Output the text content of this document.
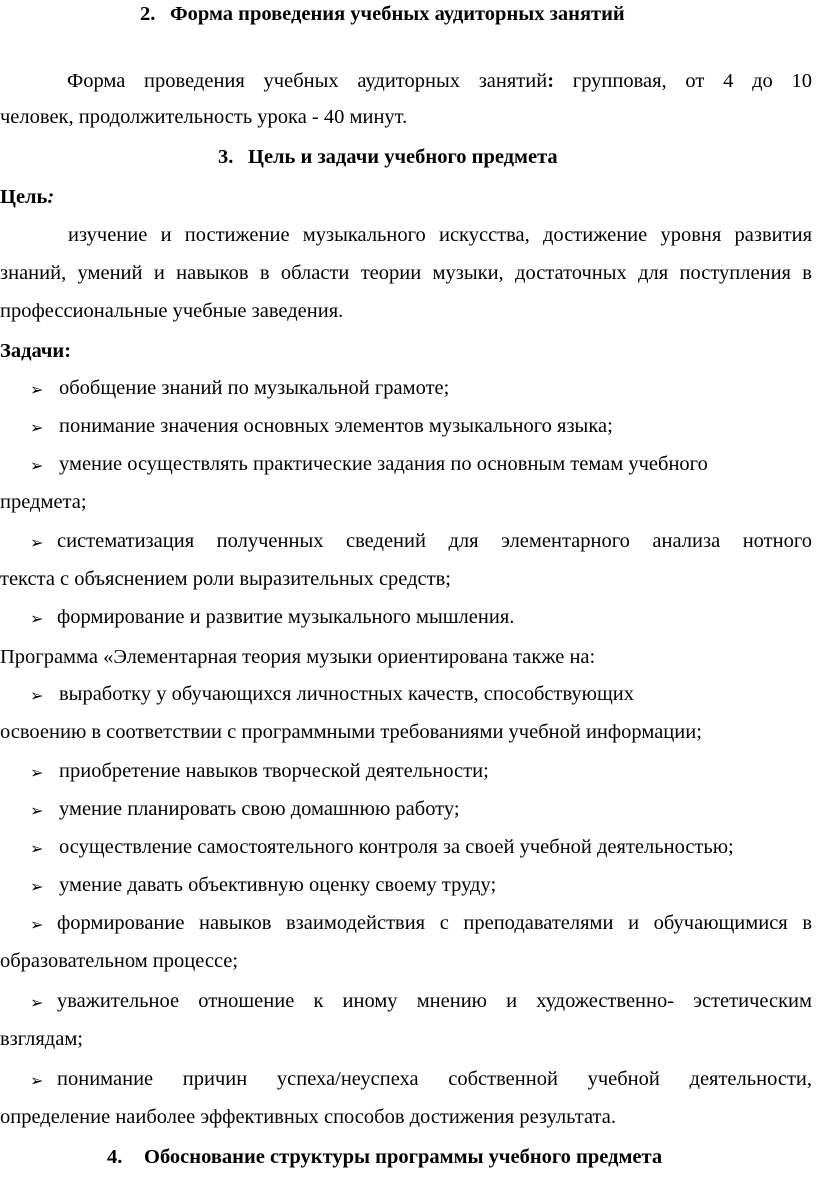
2. Форма проведения учебных аудиторных занятий
Форма проведения учебных аудиторных занятий: групповая, от 4 до 10
человек, продолжительность урока - 40 минут.
3. Цель и задачи учебного предмета
Цель:
изучение и постижение музыкального искусства, достижение уровня развития
знаний, умений и навыков в области теории музыки, достаточных для поступления в
профессиональные учебные заведения.
Задачи:
➢ обобщение знаний по музыкальной грамоте;
➢ понимание значения основных элементов музыкального языка;
➢ умение осуществлять практические задания по основным темам учебного
предмета;
➢ систематизация полученных сведений для элементарного анализа нотного
текста с объяснением роли выразительных средств;
➢ формирование и развитие музыкального мышления.
Программа «Элементарная теория музыки ориентирована также на:
➢ выработку у обучающихся личностных качеств, способствующих
освоению в соответствии с программными требованиями учебной информации;
➢ приобретение навыков творческой деятельности;
➢ умение планировать свою домашнюю работу;
➢ осуществление самостоятельного контроля за своей учебной деятельностью;
➢ умение давать объективную оценку своему труду;
➢ формирование навыков взаимодействия с преподавателями и обучающимися в
образовательном процессе;
➢ уважительное отношение к иному мнению и художественно- эстетическим
взглядам;
➢ понимание причин успеха/неуспеха собственной учебной деятельности,
определение наиболее эффективных способов достижения результата.
4. Обоснование структуры программы учебного предмета
